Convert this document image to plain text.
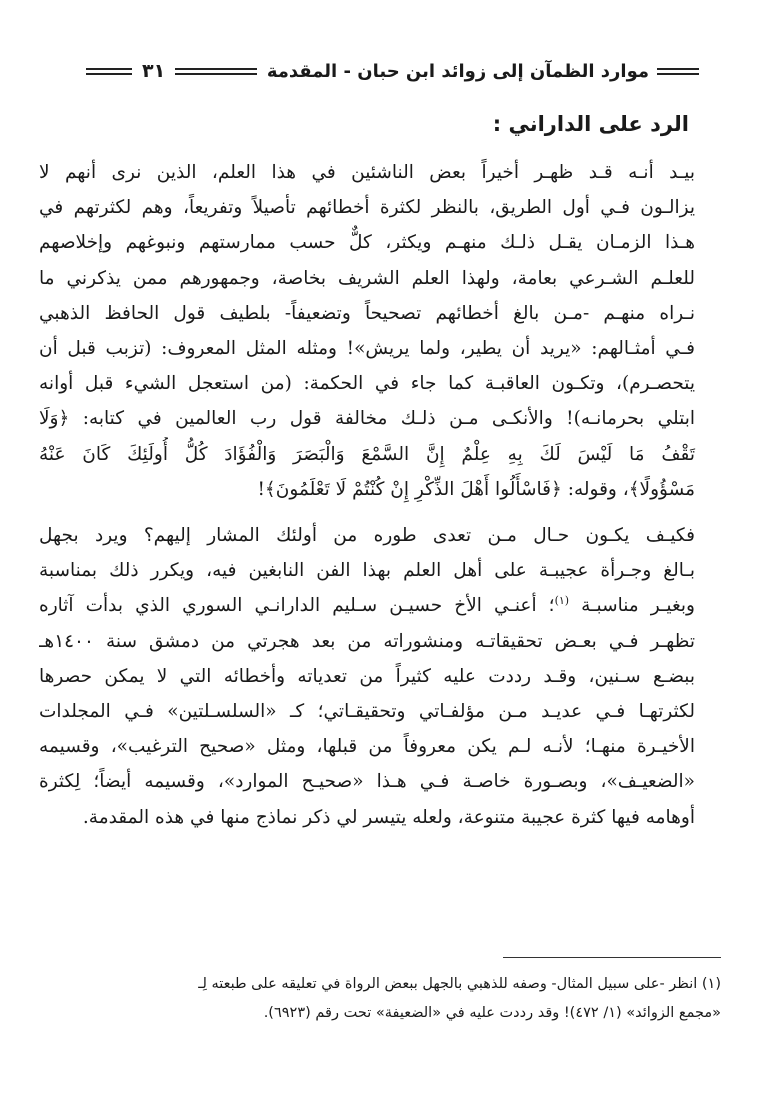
موارد الظمآن إلى زوائد ابن حبان - المقدمة
٣١
الرد على الداراني :
بيـد أنـه قـد ظهـر أخيراً بعض الناشئين في هذا العلم، الذين نرى أنهم لا
يزالـون فـي أول الطريق، بالنظر لكثرة أخطائهم تأصيلاً وتفريعاً، وهم لكثرتهم في
هـذا الزمـان يقـل ذلـك منهـم ويكثر، كلٌّ حسب ممارستهم ونبوغهم وإخلاصهم
للعلـم الشـرعي بعامة، ولهذا العلم الشريف بخاصة، وجمهورهم ممن يذكرني ما
نـراه منهـم -مـن بالغ أخطائهم تصحيحاً وتضعيفاً- بلطيف قول الحافظ الذهبي
فـي أمثـالهم: «يريد أن يطير، ولما يريش»! ومثله المثل المعروف: (تزبب قبل أن
يتحصـرم)، وتكـون العاقبـة كما جاء في الحكمة: (من استعجل الشيء قبل أوانه
ابتلي بحرمانـه)! والأنكـى مـن ذلـك مخالفة قول رب العالمين في كتابه: ﴿وَلَا
تَقْفُ مَا لَيْسَ لَكَ بِهِ عِلْمٌ إِنَّ السَّمْعَ وَالْبَصَرَ وَالْفُؤَادَ كُلُّ أُولَئِكَ كَانَ عَنْهُ
مَسْؤُولًا﴾، وقوله: ﴿فَاسْأَلُوا أَهْلَ الذِّكْرِ إِنْ كُنْتُمْ لَا تَعْلَمُونَ﴾!
فكيـف يكـون حـال مـن تعدى طوره من أولئك المشار إليهم؟ ويرد بجهل
بـالغ وجـرأة عجيبـة على أهل العلم بهذا الفن النابغين فيه، ويكرر ذلك بمناسبة
وبغيـر مناسبـة $^{(١)}$؛ أعنـي الأخ حسيـن سـليم الدارانـي السوري الذي بدأت آثاره
تظهـر فـي بعـض تحقيقاتـه ومنشوراته من بعد هجرتي من دمشق سنة ١٤٠٠هـ
ببضـع سـنين، وقـد رددت عليه كثيراً من تعدياته وأخطائه التي لا يمكن حصرها
لكثرتهـا فـي عديـد مـن مؤلفـاتي وتحقيقـاتي؛ كـ «السلسـلتين» فـي المجلدات
الأخيـرة منهـا؛ لأنـه لـم يكن معروفاً من قبلها، ومثل «صحيح الترغيب»، وقسيمه
«الضعيـف»، وبصـورة خاصـة فـي هـذا «صحيـح الموارد»، وقسيمه أيضاً؛ لِكثرة
أوهامه فيها كثرة عجيبة متنوعة، ولعله يتيسر لي ذكر نماذج منها في هذه المقدمة.
(١) انظر -على سبيل المثال- وصفه للذهبي بالجهل ببعض الرواة في تعليقه على طبعته لِـ
«مجمع الزوائد» (١/ ٤٧٢)! وقد رددت عليه في «الضعيفة» تحت رقم (٦٩٢٣).
